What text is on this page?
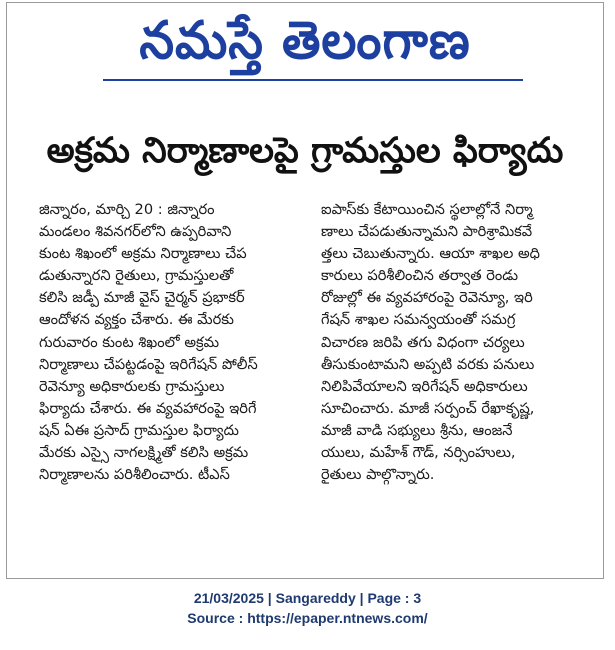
నమస్తే తెలంగాణ
అక్రమ నిర్మాణాలపై గ్రామస్తుల ఫిర్యాదు
జిన్నారం, మార్చి 20 : జిన్నారం
మండలం శివనగర్‌లోని ఉప్పరివాని
కుంట శిఖంలో అక్రమ నిర్మాణాలు చేప
డుతున్నారని రైతులు, గ్రామస్తులతో
కలిసి జడ్పీ మాజీ వైస్ చైర్మన్ ప్రభాకర్
ఆందోళన వ్యక్తం చేశారు. ఈ మేరకు
గురువారం కుంట శిఖంలో అక్రమ
నిర్మాణాలు చేపట్టడంపై ఇరిగేషన్ పోలీస్
రెవెన్యూ అధికారులకు గ్రామస్తులు
ఫిర్యాదు చేశారు. ఈ వ్యవహారంపై ఇరిగే
షన్ ఏఈ ప్రసాద్ గ్రామస్తుల ఫిర్యాదు
మేరకు ఎస్సై నాగలక్ష్మితో కలిసి అక్రమ
నిర్మాణాలను పరిశీలించారు. టీఎస్
ఐపాస్‌కు కేటాయించిన స్థలాల్లోనే నిర్మా
ణాలు చేపడుతున్నామని పారిశ్రామికవే
త్తలు చెబుతున్నారు. ఆయా శాఖల అధి
కారులు పరిశీలించిన తర్వాత రెండు
రోజుల్లో ఈ వ్యవహారంపై రెవెన్యూ, ఇరి
గేషన్ శాఖల సమన్వయంతో సమగ్ర
విచారణ జరిపి తగు విధంగా చర్యలు
తీసుకుంటామని అప్పటి వరకు పనులు
నిలిపివేయాలని ఇరిగేషన్ అధికారులు
సూచించారు. మాజీ సర్పంచ్ రేఖాకృష్ణ,
మాజీ వాడి సభ్యులు శ్రీను, ఆంజనే
యులు, మహేశ్ గౌడ్, నర్సింహులు,
రైతులు పాల్గొన్నారు.
21/03/2025 | Sangareddy | Page : 3
Source : https://epaper.ntnews.com/
